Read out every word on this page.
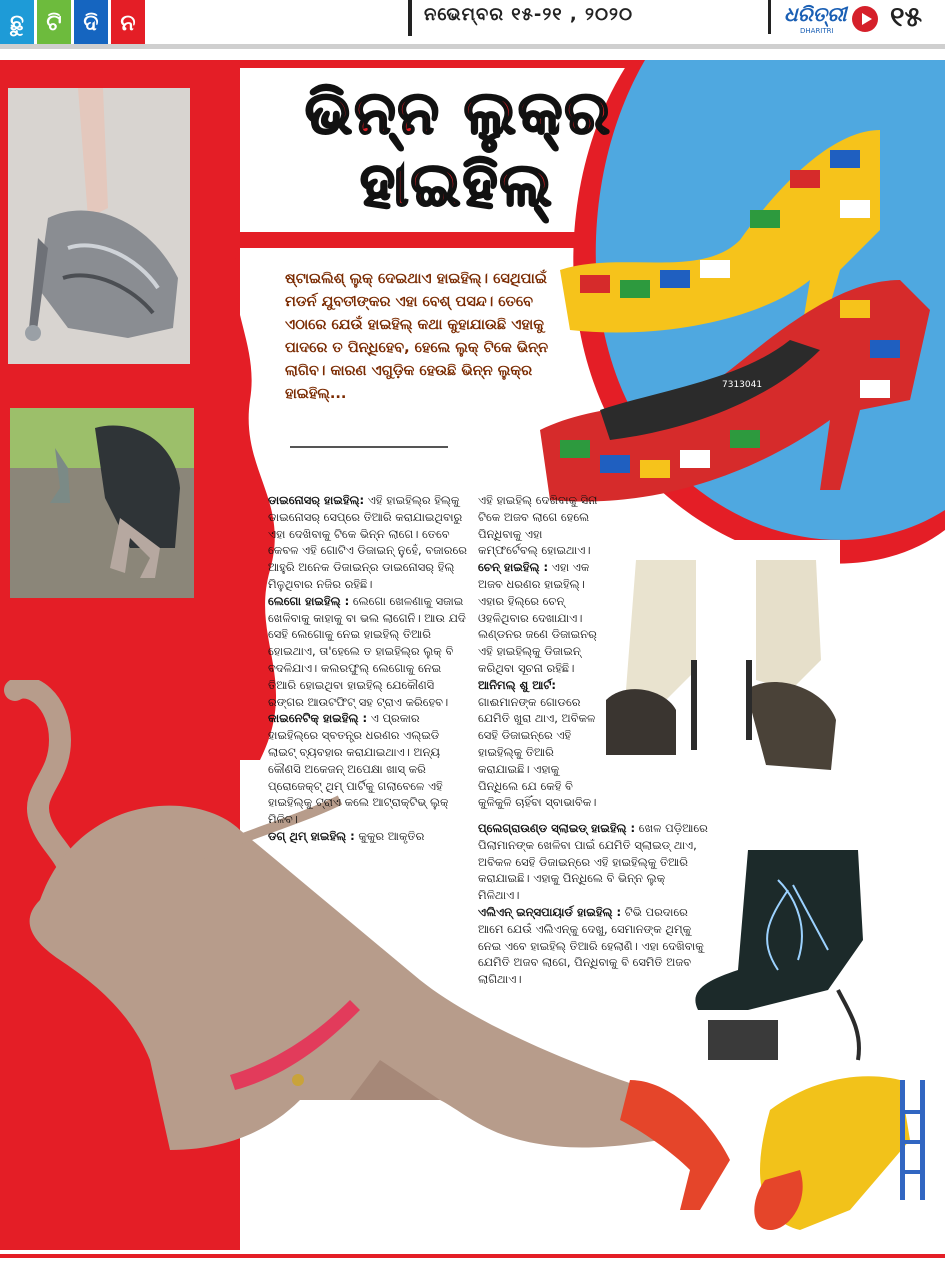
ଛୁ	ଟି ଦି ନ	ନଭେମ୍ବର ୧୫-୨୧ , ୨୦୨୦	ଧରିତ୍ରୀ
DHARITRI ୧୫
ଭିନ୍ନ ଲୁକ୍‌ର
ହାଇହିଲ୍
7313041
ଷ୍ଟାଇଲିଶ୍ ଲୁକ୍ ଦେଇଥାଏ ହାଇହିଲ୍। ସେଥିପାଇଁ ମଡର୍ନ ଯୁବତୀଙ୍କର ଏହା ବେଶ୍ ପସନ୍ଦ। ତେବେ ଏଠାରେ ଯେଉଁ ହାଇହିଲ୍ କଥା କୁହାଯାଉଛି ଏହାକୁ ପାଦରେ ତ ପିନ୍ଧିହେବ, ହେଲେ ଲୁକ୍ ଟିକେ ଭିନ୍ନ ଲାଗିବ। କାରଣ ଏଗୁଡ଼ିକ ହେଉଛି ଭିନ୍ନ ଲୁକ୍‌ର ହାଇହିଲ୍...

ଡାଇନୋସର୍ ହାଇହିଲ୍: ଏହି ହାଇହିଲ୍‌ର ହିଲ୍‌କୁ ଡାଇନୋସର୍ ସେପ୍‌ରେ ତିଆରି କରାଯାଇଥିବାରୁ ଏହା ଦେଖିବାକୁ ଟିକେ ଭିନ୍ନ ଲାଗେ। ତେବେ କେବଳ ଏହି ଗୋଟିଏ ଡିଜାଇନ୍ ନୁହେଁ, ବଜାରରେ ଆହୁରି ଅନେକ ଡିଜାଇନ୍‌ର ଡାଇନୋସର୍ ହିଲ୍ ମିଳୁଥିବାର ନଜିର ରହିଛି।

ଲେଗୋ ହାଇହିଲ୍ : ଲେଗୋ ଖେଳଣାକୁ ସଜାଇ ଖେଳିବାକୁ କାହାକୁ ବା ଭଲ ଲାଗେନି। ଆଉ ଯଦି ସେହି ଲେଗୋକୁ ନେଇ ହାଇହିଲ୍ ତିଆରି ହୋଇଥାଏ, ତା'ହେଲେ ତ ହାଇହିଲ୍‌ର ଲୁକ୍ ବି ବଦଳିଯାଏ। କଲରଫୁଲ୍ ଲେଗୋକୁ ନେଇ ତିଆରି ହୋଇଥିବା ହାଇହିଲ୍ ଯେକୌଣସି ରଙ୍ଗର ଆଉଟଫିଟ୍ ସହ ଟ୍ରାଏ କରିହେବ।

କାଇନେଟିକ୍ ହାଇହିଲ୍ : ଏ ପ୍ରକାର ହାଇହିଲ୍‌ରେ ସ୍ବତନ୍ତ୍ର ଧରଣର ଏଲ୍‌ଇଡି ଲାଇଟ୍ ବ୍ୟବହାର କରାଯାଇଥାଏ। ଅନ୍ୟ କୌଣସି ଅକେଜନ୍ ଅପେକ୍ଷା ଖାସ୍ କରି ପ୍ରୋଜେକ୍ଟ୍ ଥିମ୍ ପାର୍ଟିକୁ ଗଲାବେଳେ ଏହି ହାଇହିଲ୍‌କୁ ଟ୍ରାଏ କଲେ ଆଟ୍ରାକ୍ଟିଭ୍ ଲୁକ୍ ମିଳିବ।

ଡଗ୍ ଥିମ୍ ହାଇହିଲ୍ : କୁକୁର ଆକୃତିର

ଏହି ହାଇହିଲ୍ ଦେଖିବାକୁ ସିନା ଟିକେ ଅଜବ ଲାଗେ ହେଲେ ପିନ୍ଧିବାକୁ ଏହା କମ୍ଫର୍ଟେବଲ୍ ହୋଇଥାଏ।

ଚେନ୍ ହାଇହିଲ୍ : ଏହା ଏକ ଅଜବ ଧରଣର ହାଇହିଲ୍। ଏହାର ହିଲ୍‌ରେ ଚେନ୍ ଓହଳିଥିବାର ଦେଖାଯାଏ। ଲଣ୍ଡନର ଜଣେ ଡିଜାଇନର୍ ଏହି ହାଇହିଲ୍‌କୁ ଡିଜାଇନ୍ କରିଥିବା ସୂଚନା ରହିଛି।

ଆନିମଲ୍ ଶୁ ଆର୍ଟ: ଗାଈମାନଙ୍କ ଗୋଡରେ ଯେମିତି ଖୁରା ଥାଏ, ଅବିକଳ ସେହି ଡିଜାଇନ୍‌ରେ ଏହି ହାଇହିଲ୍‌କୁ ତିଆରି କରାଯାଇଛି। ଏହାକୁ ପିନ୍ଧିଲେ ଯେ କେହି ବି କୁଳିକୁଳି ଚାହିଁବା ସ୍ବାଭାବିକ।

ପ୍ଲେଗ୍ରାଉଣ୍ଡ ସ୍ଲାଇଡ୍ ହାଇହିଲ୍ : ଖେଳ ପଡ଼ିଆରେ ପିଲାମାନଙ୍କ ଖେଳିବା ପାଇଁ ଯେମିତି ସ୍ଲାଇଡ୍ ଥାଏ, ଅବିକଳ ସେହି ଡିଜାଇନ୍‌ରେ ଏହି ହାଇହିଲ୍‌କୁ ତିଆରି କରାଯାଇଛି। ଏହାକୁ ପିନ୍ଧିଲେ ବି ଭିନ୍ନ ଲୁକ୍ ମିଳିଥାଏ।

ଏଲିଏନ୍ ଇନ୍ସପାୟାର୍ଡ ହାଇହିଲ୍ : ଟିଭି ପରଦାରେ ଆମେ ଯେଉଁ ଏଲିଏନ୍‌କୁ ଦେଖୁ, ସେମାନଙ୍କ ଥିମ୍‌କୁ ନେଇ ଏବେ ହାଇହିଲ୍ ତିଆରି ହେଲାଣି। ଏହା ଦେଖିବାକୁ ଯେମିତି ଅଜବ ଲାଗେ, ପିନ୍ଧିବାକୁ ବି ସେମିତି ଅଜବ ଲାଗିଥାଏ।
